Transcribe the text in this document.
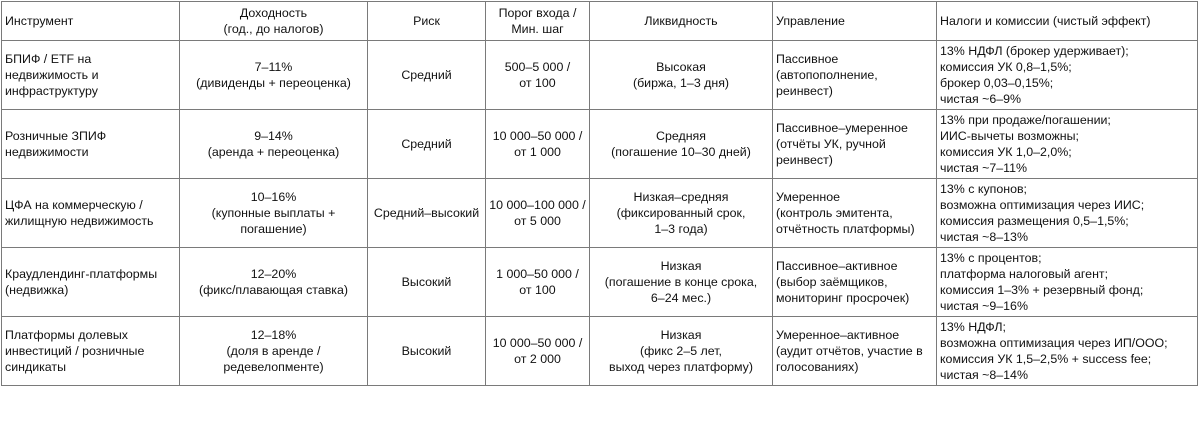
Инструмент	Доходность
(год., до налогов)	Риск	Порог входа /
Мин. шаг	Ликвидность	Управление	Налоги и комиссии (чистый эффект)

БПИФ / ETF на
недвижимость и
инфраструктуру	7–11%
(дивиденды + переоценка)	Средний	500–5 000 /
от 100	Высокая
(биржа, 1–3 дня)	Пассивное
(автопополнение,
реинвест)	13% НДФЛ (брокер удерживает);
комиссия УК 0,8–1,5%;
брокер 0,03–0,15%;
чистая ~6–9%

Розничные ЗПИФ
недвижимости	9–14%
(аренда + переоценка)	Средний	10 000–50 000 /
от 1 000	Средняя
(погашение 10–30 дней)	Пассивное–умеренное
(отчёты УК, ручной
реинвест)	13% при продаже/погашении;
ИИС-вычеты возможны;
комиссия УК 1,0–2,0%;
чистая ~7–11%

ЦФА на коммерческую /
жилищную недвижимость	10–16%
(купонные выплаты +
погашение)	Средний–высокий	10 000–100 000 /
от 5 000	Низкая–средняя
(фиксированный срок,
1–3 года)	Умеренное
(контроль эмитента,
отчётность платформы)	13% с купонов;
возможна оптимизация через ИИС;
комиссия размещения 0,5–1,5%;
чистая ~8–13%

Краудлендинг-платформы
(недвижка)	12–20%
(фикс/плавающая ставка)	Высокий	1 000–50 000 /
от 100	Низкая
(погашение в конце срока,
6–24 мес.)	Пассивное–активное
(выбор заёмщиков,
мониторинг просрочек)	13% с процентов;
платформа налоговый агент;
комиссия 1–3% + резервный фонд;
чистая ~9–16%

Платформы долевых
инвестиций / розничные
синдикаты	12–18%
(доля в аренде /
редевелопменте)	Высокий	10 000–50 000 /
от 2 000	Низкая
(фикс 2–5 лет,
выход через платформу)	Умеренное–активное
(аудит отчётов, участие в
голосованиях)	13% НДФЛ;
возможна оптимизация через ИП/ООО;
комиссия УК 1,5–2,5% + success fee;
чистая ~8–14%
